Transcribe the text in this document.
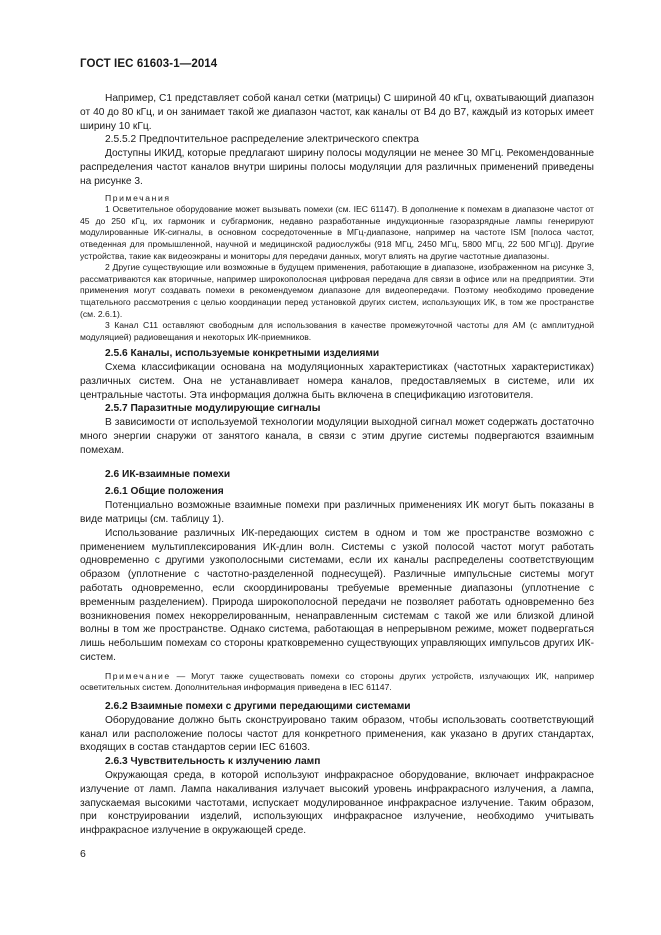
ГОСТ IEC 61603-1—2014

Например, С1 представляет собой канал сетки (матрицы) С шириной 40 кГц, охватывающий диапазон от 40 до 80 кГц, и он занимает такой же диапазон частот, как каналы от В4 до В7, каждый из которых имеет ширину 10 кГц.

2.5.5.2 Предпочтительное распределение электрического спектра

Доступны ИКИД, которые предлагают ширину полосы модуляции не менее 30 МГц. Рекомендованные распределения частот каналов внутри ширины полосы модуляции для различных применений приведены на рисунке 3.

Примечания

1 Осветительное оборудование может вызывать помехи (см. IEC 61147). В дополнение к помехам в диапазоне частот от 45 до 250 кГц, их гармоник и субгармоник, недавно разработанные индукционные газоразрядные лампы генерируют модулированные ИК-сигналы, в основном сосредоточенные в МГц-диапазоне, например на частоте ISM [полоса частот, отведенная для промышленной, научной и медицинской радиослужбы (918 МГц, 2450 МГц, 5800 МГц, 22 500 МГц)]. Другие устройства, такие как видеоэкраны и мониторы для передачи данных, могут влиять на другие частотные диапазоны.

2 Другие существующие или возможные в будущем применения, работающие в диапазоне, изображенном на рисунке 3, рассматриваются как вторичные, например широкополосная цифровая передача для связи в офисе или на предприятии. Эти применения могут создавать помехи в рекомендуемом диапазоне для видеопередачи. Поэтому необходимо проведение тщательного рассмотрения с целью координации перед установкой других систем, использующих ИК, в том же пространстве (см. 2.6.1).

3 Канал С11 оставляют свободным для использования в качестве промежуточной частоты для AM (с амплитудной модуляцией) радиовещания и некоторых ИК-приемников.

2.5.6 Каналы, используемые конкретными изделиями

Схема классификации основана на модуляционных характеристиках (частотных характеристиках) различных систем. Она не устанавливает номера каналов, предоставляемых в системе, или их центральные частоты. Эта информация должна быть включена в спецификацию изготовителя.

2.5.7 Паразитные модулирующие сигналы

В зависимости от используемой технологии модуляции выходной сигнал может содержать достаточно много энергии снаружи от занятого канала, в связи с этим другие системы подвергаются взаимным помехам.

2.6 ИК-взаимные помехи

2.6.1 Общие положения

Потенциально возможные взаимные помехи при различных применениях ИК могут быть показаны в виде матрицы (см. таблицу 1).

Использование различных ИК-передающих систем в одном и том же пространстве возможно с применением мультиплексирования ИК-длин волн. Системы с узкой полосой частот могут работать одновременно с другими узкополосными системами, если их каналы распределены соответствующим образом (уплотнение с частотно-разделенной поднесущей). Различные импульсные системы могут работать одновременно, если скоординированы требуемые временные диапазоны (уплотнение с временным разделением). Природа широкополосной передачи не позволяет работать одновременно без возникновения помех некоррелированным, ненаправленным системам с такой же или близкой длиной волны в том же пространстве. Однако система, работающая в непрерывном режиме, может подвергаться лишь небольшим помехам со стороны кратковременно существующих управляющих импульсов других ИК-систем.

Примечание — Могут также существовать помехи со стороны других устройств, излучающих ИК, например осветительных систем. Дополнительная информация приведена в IEC 61147.

2.6.2 Взаимные помехи с другими передающими системами

Оборудование должно быть сконструировано таким образом, чтобы использовать соответствующий канал или расположение полосы частот для конкретного применения, как указано в других стандартах, входящих в состав стандартов серии IEC 61603.

2.6.3 Чувствительность к излучению ламп

Окружающая среда, в которой используют инфракрасное оборудование, включает инфракрасное излучение от ламп. Лампа накаливания излучает высокий уровень инфракрасного излучения, а лампа, запускаемая высокими частотами, испускает модулированное инфракрасное излучение. Таким образом, при конструировании изделий, использующих инфракрасное излучение, необходимо учитывать инфракрасное излучение в окружающей среде.

6
